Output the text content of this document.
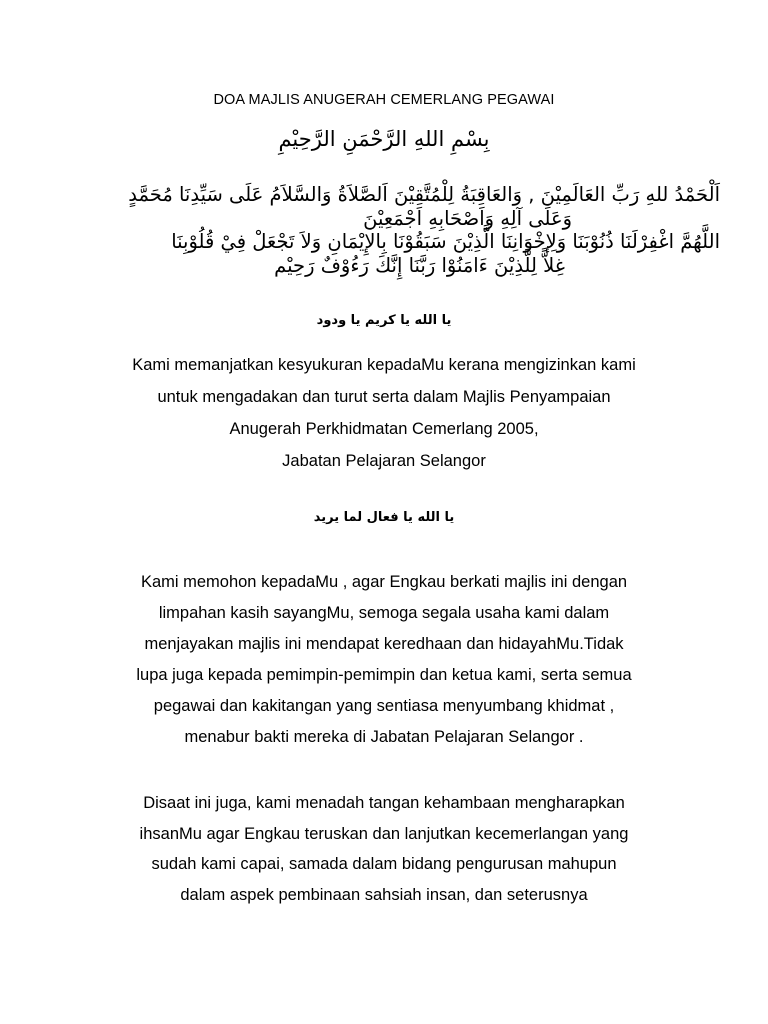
DOA MAJLIS ANUGERAH CEMERLANG PEGAWAI
بِسْمِ اللهِ الرَّحْمَنِ الرَّحِيْمِ
اَلْحَمْدُ للهِ رَبِّ العَالَمِيْنَ , وَالعَاقِبَةُ لِلْمُتَّقِيْنَ اَلصَّلاَةُ وَالسَّلاَمُ عَلَى سَيِّدِنَا مُحَمَّدٍ
وَعَلَى آلِهِ وَاَصْحَابِهِ اَجْمَعِيْنَ
اللَّهُمَّ اغْفِرْلَنَا ذُنُوْبَنَا وَلِإخْوَانِنَا الَّذِيْنَ سَبَقُوْنَا بِالإِيْمَانِ وَلاَ تَجْعَلْ فِيْ قُلُوْبِنَا
غِلاًّ لِلَّذِيْنَ ءَامَنُوْا رَبَّنَا إِنَّكَ رَءُوْفٌ رَحِيْم
يا الله يا كريم يا ودود
Kami memanjatkan kesyukuran kepadaMu kerana mengizinkan kami
untuk mengadakan dan turut serta dalam Majlis Penyampaian
Anugerah Perkhidmatan Cemerlang 2005,
Jabatan Pelajaran Selangor
يا الله يا فعال لما يريد
Kami memohon kepadaMu , agar Engkau berkati majlis ini dengan
limpahan kasih sayangMu, semoga segala usaha kami dalam
menjayakan majlis ini mendapat keredhaan dan hidayahMu.Tidak
lupa juga kepada pemimpin-pemimpin dan ketua kami, serta semua
pegawai dan kakitangan yang sentiasa menyumbang khidmat ,
menabur bakti mereka di Jabatan Pelajaran Selangor .
Disaat ini juga, kami menadah tangan kehambaan mengharapkan
ihsanMu agar Engkau teruskan dan lanjutkan kecemerlangan yang
sudah kami capai, samada dalam bidang pengurusan mahupun
dalam aspek pembinaan sahsiah insan, dan seterusnya
